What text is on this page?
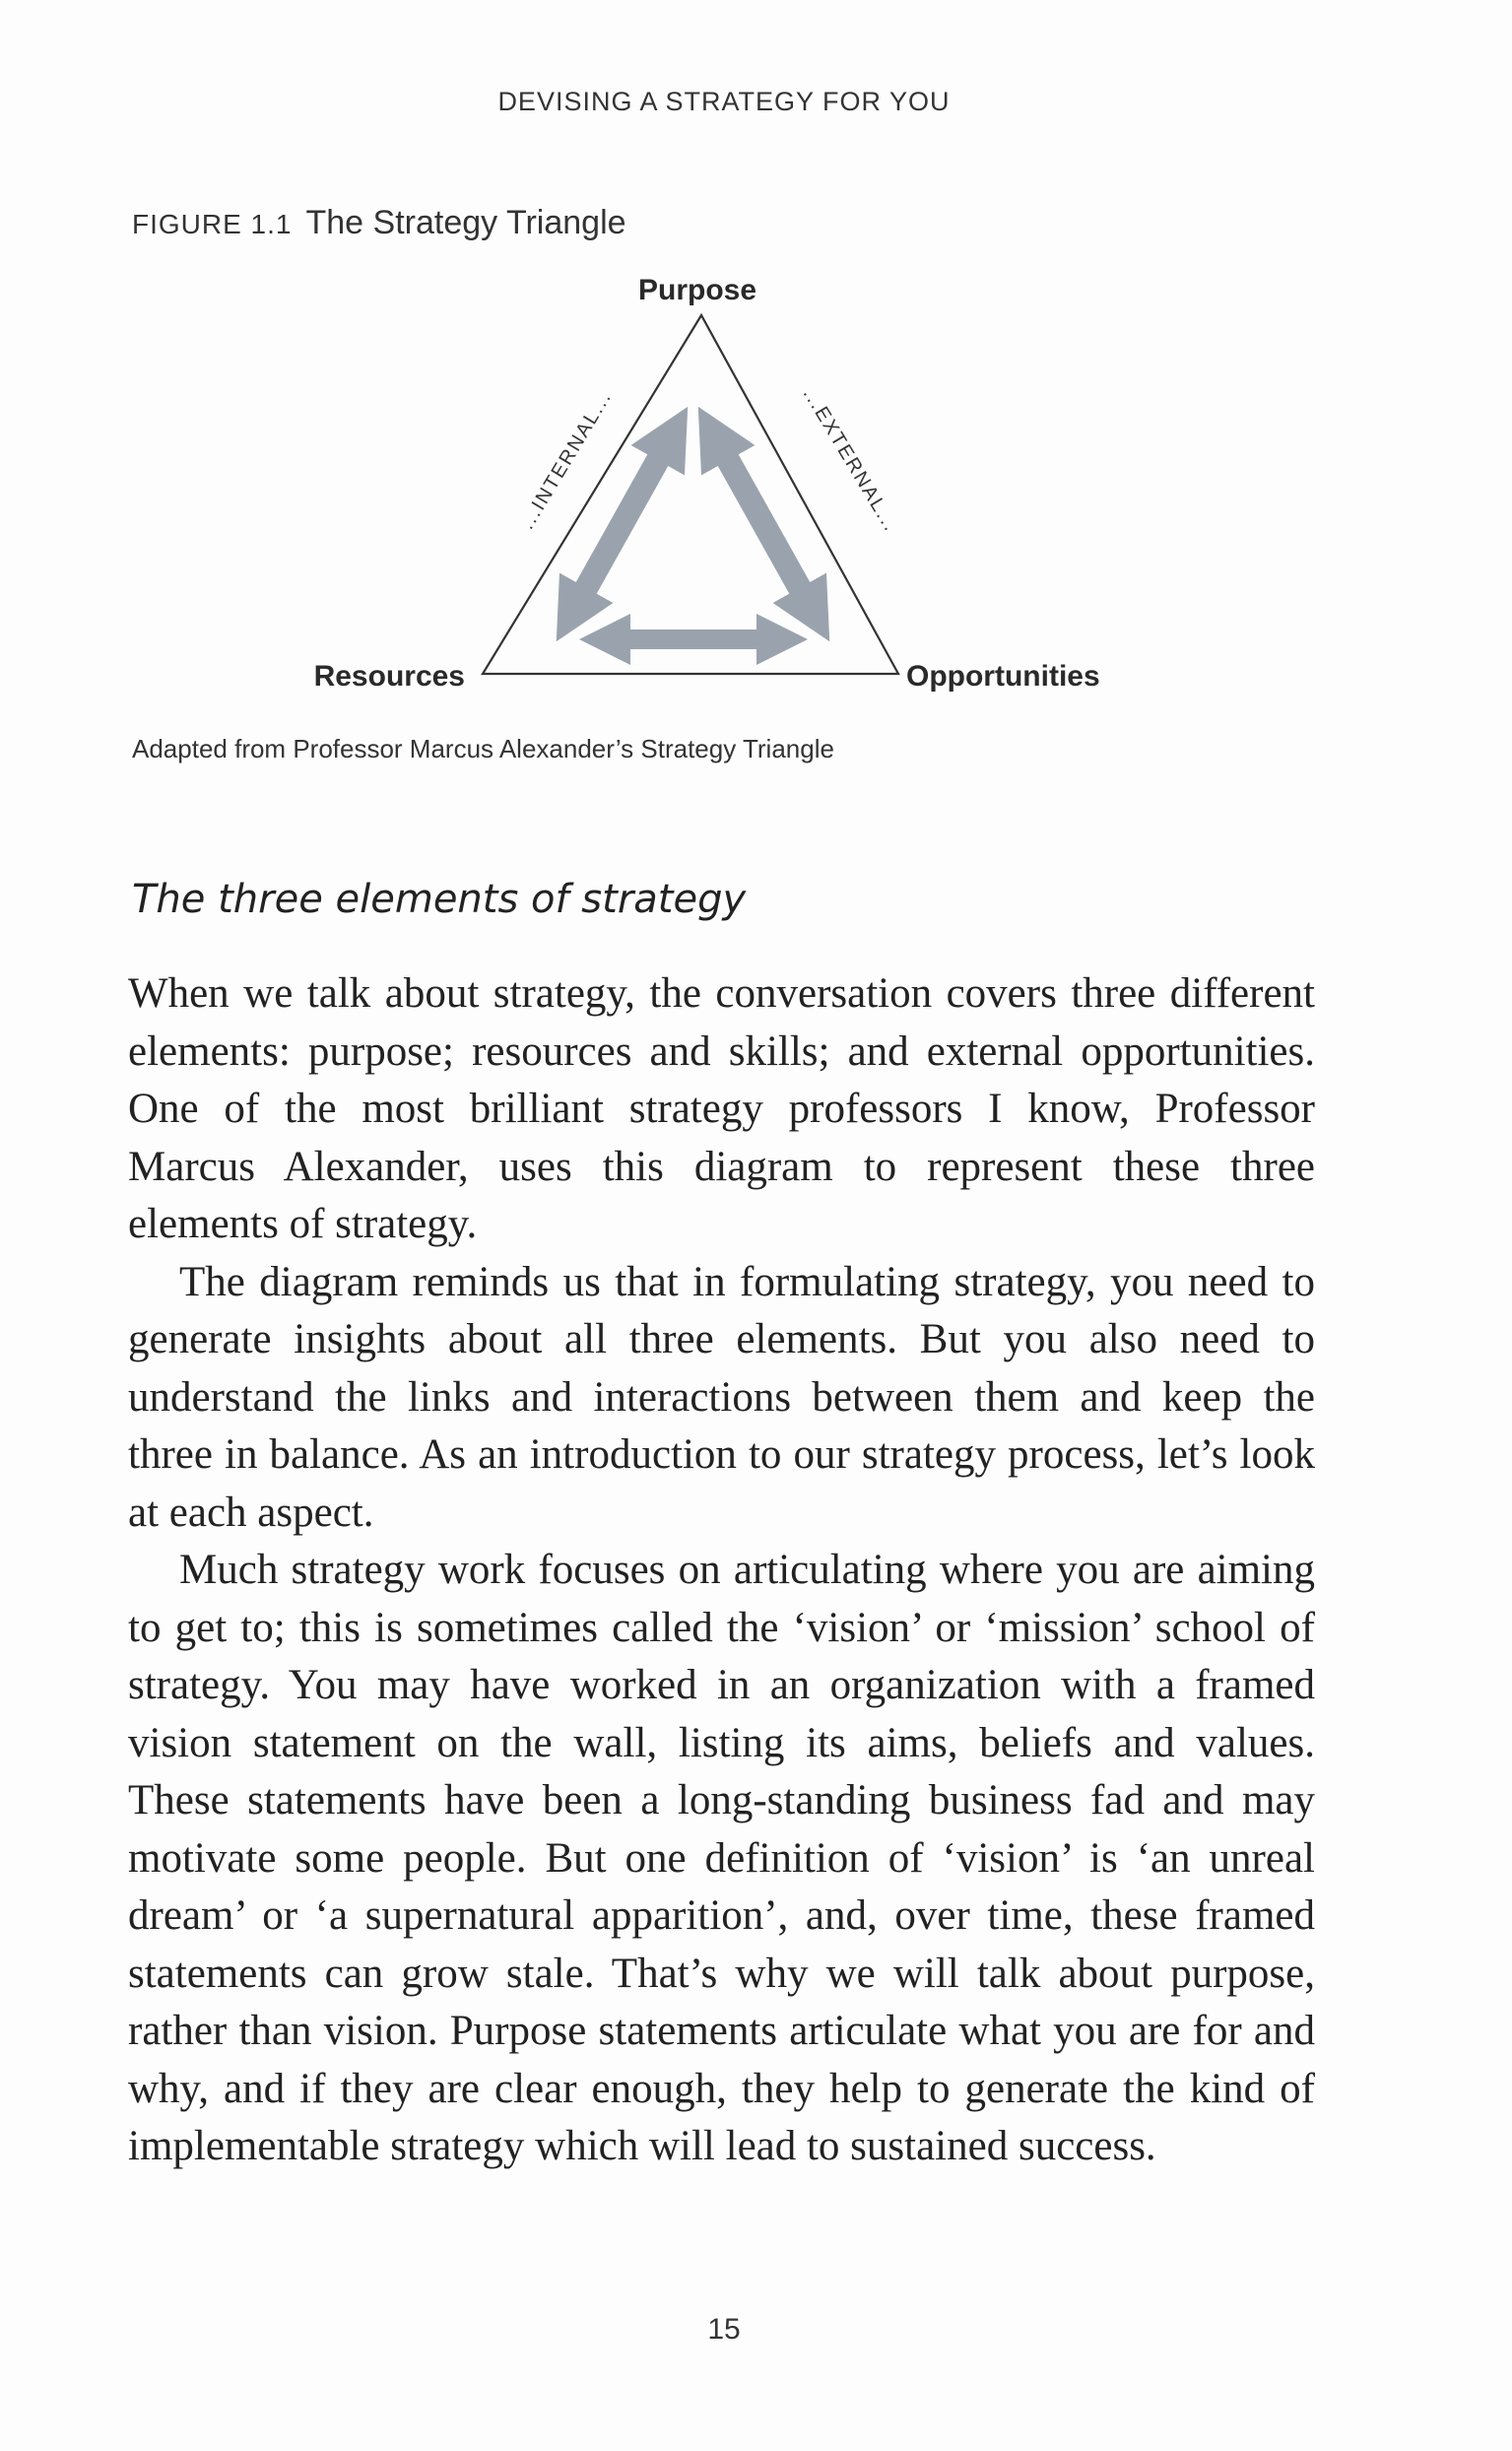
DEVISING A STRATEGY FOR YOU
FIGURE 1.1 The Strategy Triangle
Purpose
Resources	Opportunities
...INTERNAL...	...EXTERNAL...
Adapted from Professor Marcus Alexander’s Strategy Triangle
The three elements of strategy

When we talk about strategy, the conversation covers three different elements: purpose; resources and skills; and external opportunities. One of the most brilliant strategy professors I know, Professor Marcus Alexander, uses this diagram to represent these three elements of strategy.

The diagram reminds us that in formulating strategy, you need to generate insights about all three elements. But you also need to understand the links and interactions between them and keep the three in balance. As an introduction to our strategy process, let’s look at each aspect.

Much strategy work focuses on articulating where you are aiming to get to; this is sometimes called the ‘vision’ or ‘mission’ school of strategy. You may have worked in an organization with a framed vision statement on the wall, listing its aims, beliefs and values. These statements have been a long-standing business fad and may motivate some people. But one definition of ‘vision’ is ‘an unreal dream’ or ‘a supernatural apparition’, and, over time, these framed statements can grow stale. That’s why we will talk about purpose, rather than vision. Purpose statements articulate what you are for and why, and if they are clear enough, they help to generate the kind of implementable strategy which will lead to sustained success.

15
